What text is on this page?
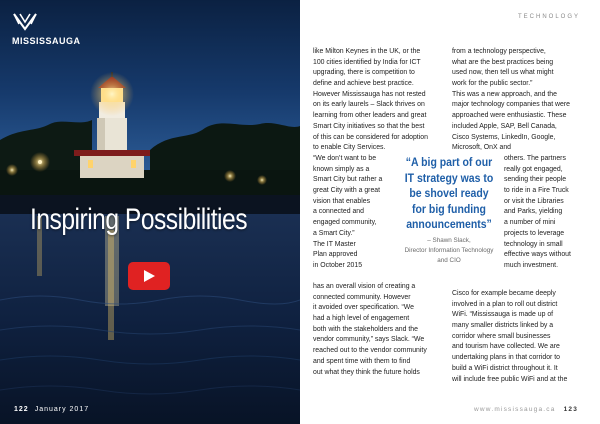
MISSISSAUGA
Inspiring Possibilities
122 January 2017
TECHNOLOGY
like Milton Keynes in the UK, or the
100 cities identified by India for ICT
upgrading, there is competition to
define and achieve best practice.
However Mississauga has not rested
on its early laurels – Slack thrives on
learning from other leaders and great
Smart City initiatives so that the best
of this can be considered for adoption
to enable City Services.
“We don’t want to be
known simply as a
Smart City but rather a
great City with a great
vision that enables
a connected and
engaged community,
a Smart City.”
The IT Master
Plan approved
in October 2015
has an overall vision of creating a
connected community. However
it avoided over specification. “We
had a high level of engagement
both with the stakeholders and the
vendor community,” says Slack. “We
reached out to the vendor community
and spent time with them to find
out what they think the future holds
from a technology perspective,
what are the best practices being
used now, then tell us what might
work for the public sector.”
This was a new approach, and the
major technology companies that were
approached were enthusiastic. These
included Apple, SAP, Bell Canada,
Cisco Systems, LinkedIn, Google,
Microsoft, OnX and
“A big part of our
IT strategy was to
be shovel ready
for big funding
announcements”
– Shawn Slack,
Director Information Technology
and CIO
others. The partners
really got engaged,
sending their people
to ride in a Fire Truck
or visit the Libraries
and Parks, yielding
a number of mini
projects to leverage
technology in small
effective ways without
much investment.
Cisco for example became deeply
involved in a plan to roll out district
WiFi. “Mississauga is made up of
many smaller districts linked by a
corridor where small businesses
and tourism have collected. We are
undertaking plans in that corridor to
build a WiFi district throughout it. It
will include free public WiFi and at the
www.mississauga.ca 123
